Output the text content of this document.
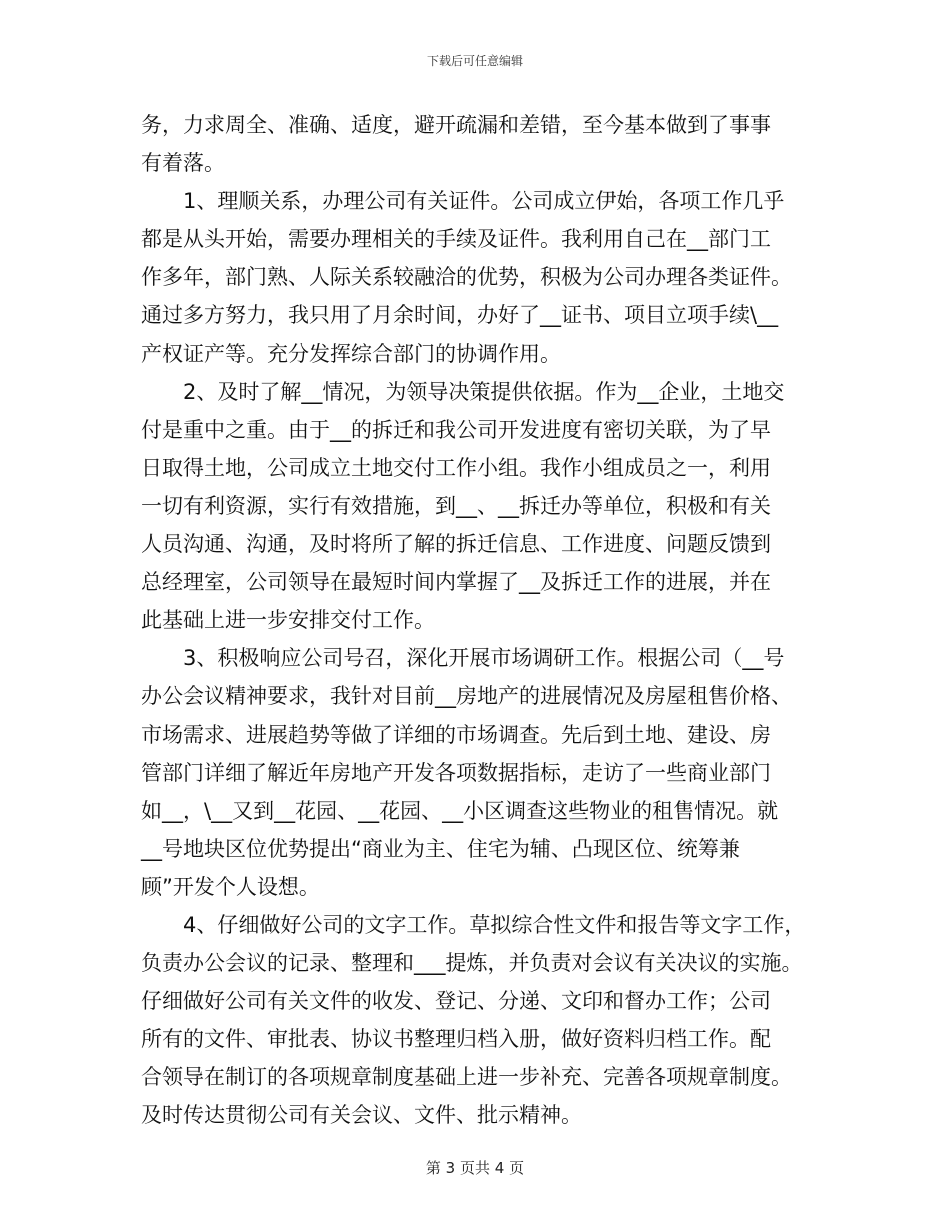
下载后可任意编辑
务，力求周全、准确、适度，避开疏漏和差错，至今基本做到了事事
有着落。
1、理顺关系，办理公司有关证件。公司成立伊始，各项工作几乎
都是从头开始，需要办理相关的手续及证件。我利用自己在__部门工
作多年，部门熟、人际关系较融洽的优势，积极为公司办理各类证件。
通过多方努力，我只用了月余时间，办好了__证书、项目立项手续\__
产权证产等。充分发挥综合部门的协调作用。
2、及时了解__情况，为领导决策提供依据。作为__企业，土地交
付是重中之重。由于__的拆迁和我公司开发进度有密切关联，为了早
日取得土地，公司成立土地交付工作小组。我作小组成员之一，利用
一切有利资源，实行有效措施，到__、__拆迁办等单位，积极和有关
人员沟通、沟通，及时将所了解的拆迁信息、工作进度、问题反馈到
总经理室，公司领导在最短时间内掌握了__及拆迁工作的进展，并在
此基础上进一步安排交付工作。
3、积极响应公司号召，深化开展市场调研工作。根据公司（__号
办公会议精神要求，我针对目前__房地产的进展情况及房屋租售价格、
市场需求、进展趋势等做了详细的市场调查。先后到土地、建设、房
管部门详细了解近年房地产开发各项数据指标，走访了一些商业部门
如__，\__又到__花园、__花园、__小区调查这些物业的租售情况。就
__号地块区位优势提出“商业为主、住宅为辅、凸现区位、统筹兼
顾”开发个人设想。
4、仔细做好公司的文字工作。草拟综合性文件和报告等文字工作，
负责办公会议的记录、整理和___提炼，并负责对会议有关决议的实施。
仔细做好公司有关文件的收发、登记、分递、文印和督办工作；公司
所有的文件、审批表、协议书整理归档入册，做好资料归档工作。配
合领导在制订的各项规章制度基础上进一步补充、完善各项规章制度。
及时传达贯彻公司有关会议、文件、批示精神。
第 3 页共 4 页
